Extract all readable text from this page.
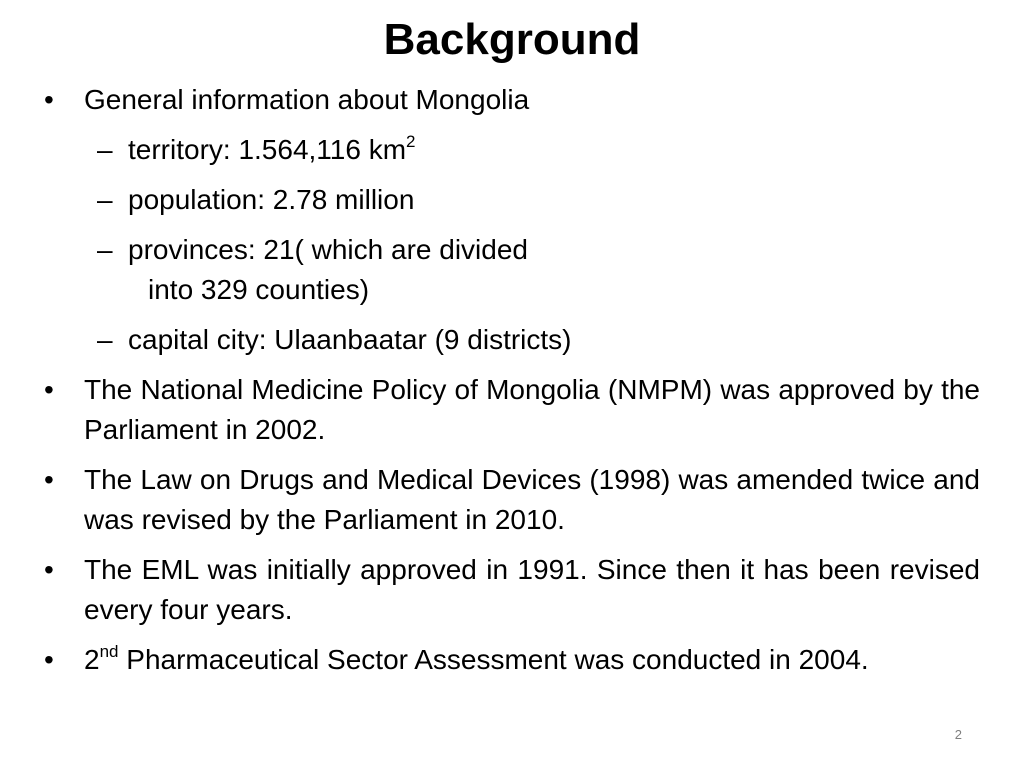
Background
• General information about Mongolia
– territory: 1.564,116 $km^2$
– population: 2.78 million
– provinces: 21( which are divided
into 329 counties)
– capital city: Ulaanbaatar (9 districts)
• The National Medicine Policy of Mongolia (NMPM) was approved by the Parliament in 2002.
• The Law on Drugs and Medical Devices (1998) was amended twice and was revised by the Parliament in 2010.
• The EML was initially approved in 1991. Since then it has been revised every four years.
• 2nd Pharmaceutical Sector Assessment was conducted in 2004.
2
